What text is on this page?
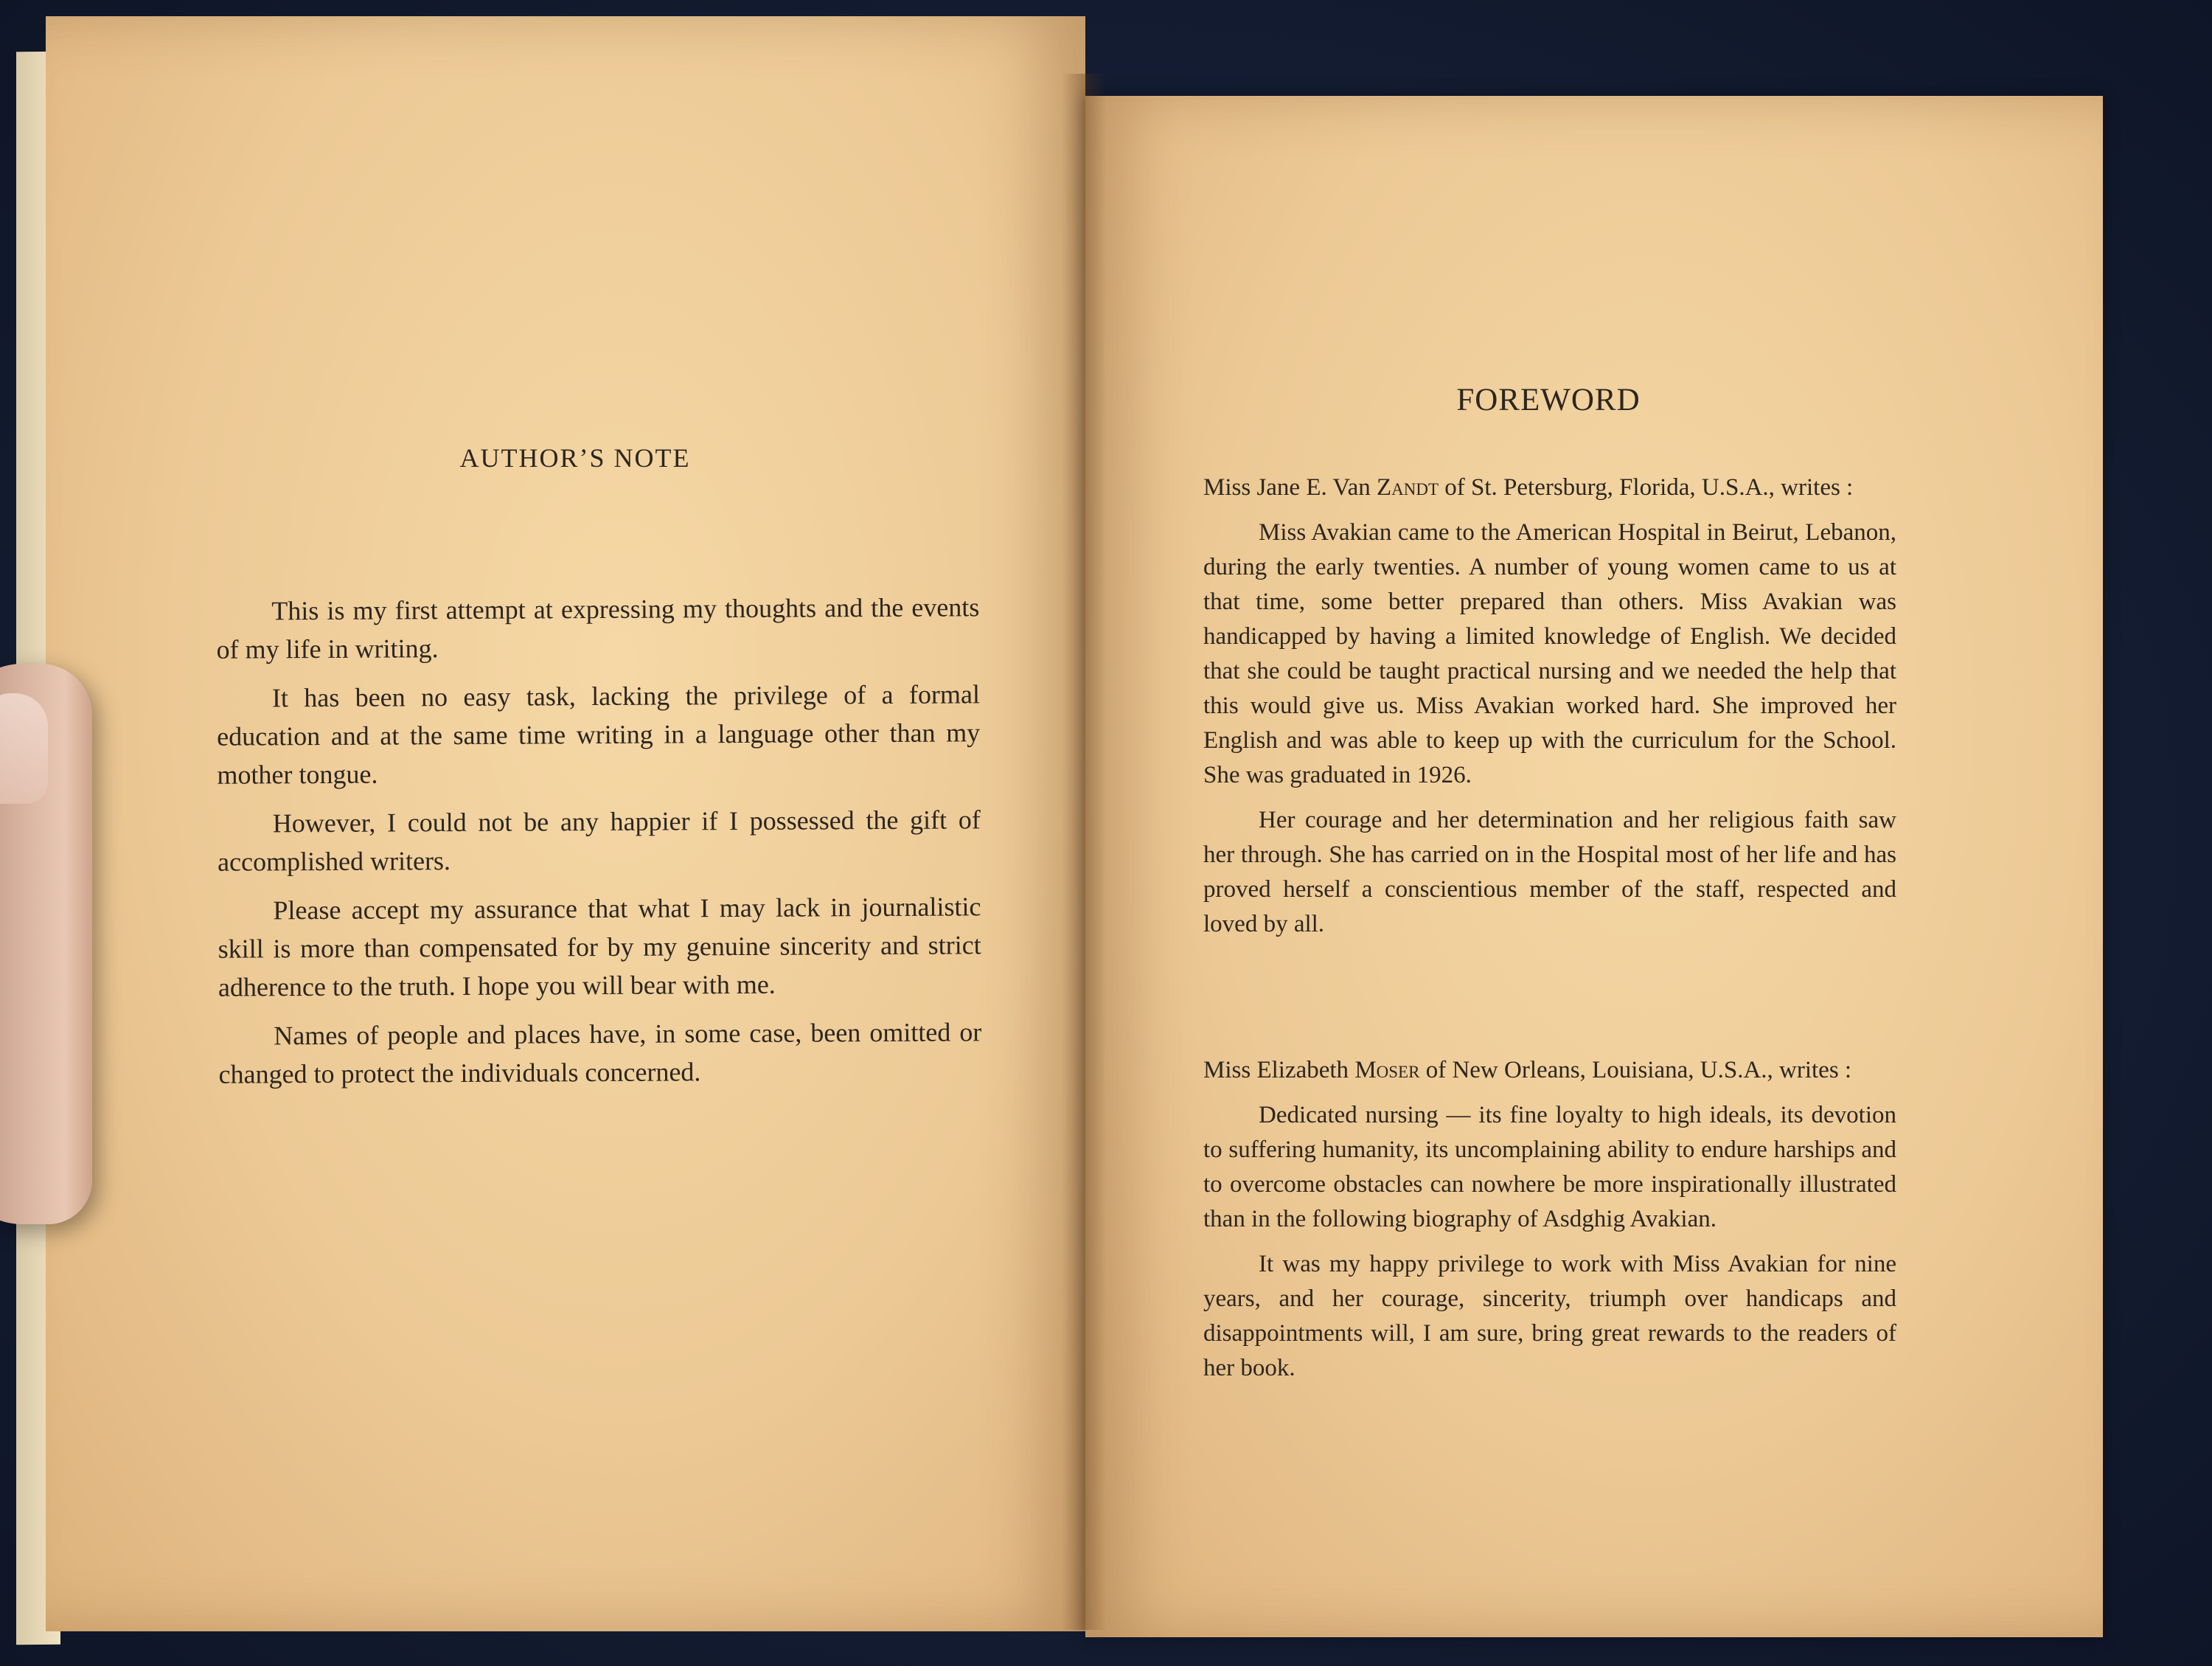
AUTHOR’S NOTE

This is my first attempt at expressing my thoughts and the events of my life in writing.

It has been no easy task, lacking the privilege of a formal education and at the same time writing in a language other than my mother tongue.

However, I could not be any happier if I possessed the gift of accomplished writers.

Please accept my assurance that what I may lack in journalistic skill is more than compensated for by my genuine sincerity and strict adherence to the truth. I hope you will bear with me.

Names of people and places have, in some case, been omitted or changed to protect the individuals concerned.

FOREWORD

Miss Jane E. Van Zandt of St. Petersburg, Florida, U.S.A., writes :

Miss Avakian came to the American Hospital in Beirut, Lebanon, during the early twenties. A number of young women came to us at that time, some better prepared than others. Miss Avakian was handicapped by having a limited knowledge of English. We decided that she could be taught practical nursing and we needed the help that this would give us. Miss Avakian worked hard. She improved her English and was able to keep up with the curriculum for the School. She was graduated in 1926.

Her courage and her determination and her religious faith saw her through. She has carried on in the Hospital most of her life and has proved herself a conscientious member of the staff, respected and loved by all.

Miss Elizabeth Moser of New Orleans, Louisiana, U.S.A., writes :

Dedicated nursing — its fine loyalty to high ideals, its devotion to suffering humanity, its uncomplaining ability to endure harships and to overcome obstacles can nowhere be more inspirationally illustrated than in the following biography of Asdghig Avakian.

It was my happy privilege to work with Miss Avakian for nine years, and her courage, sincerity, triumph over handicaps and disappointments will, I am sure, bring great rewards to the readers of her book.
